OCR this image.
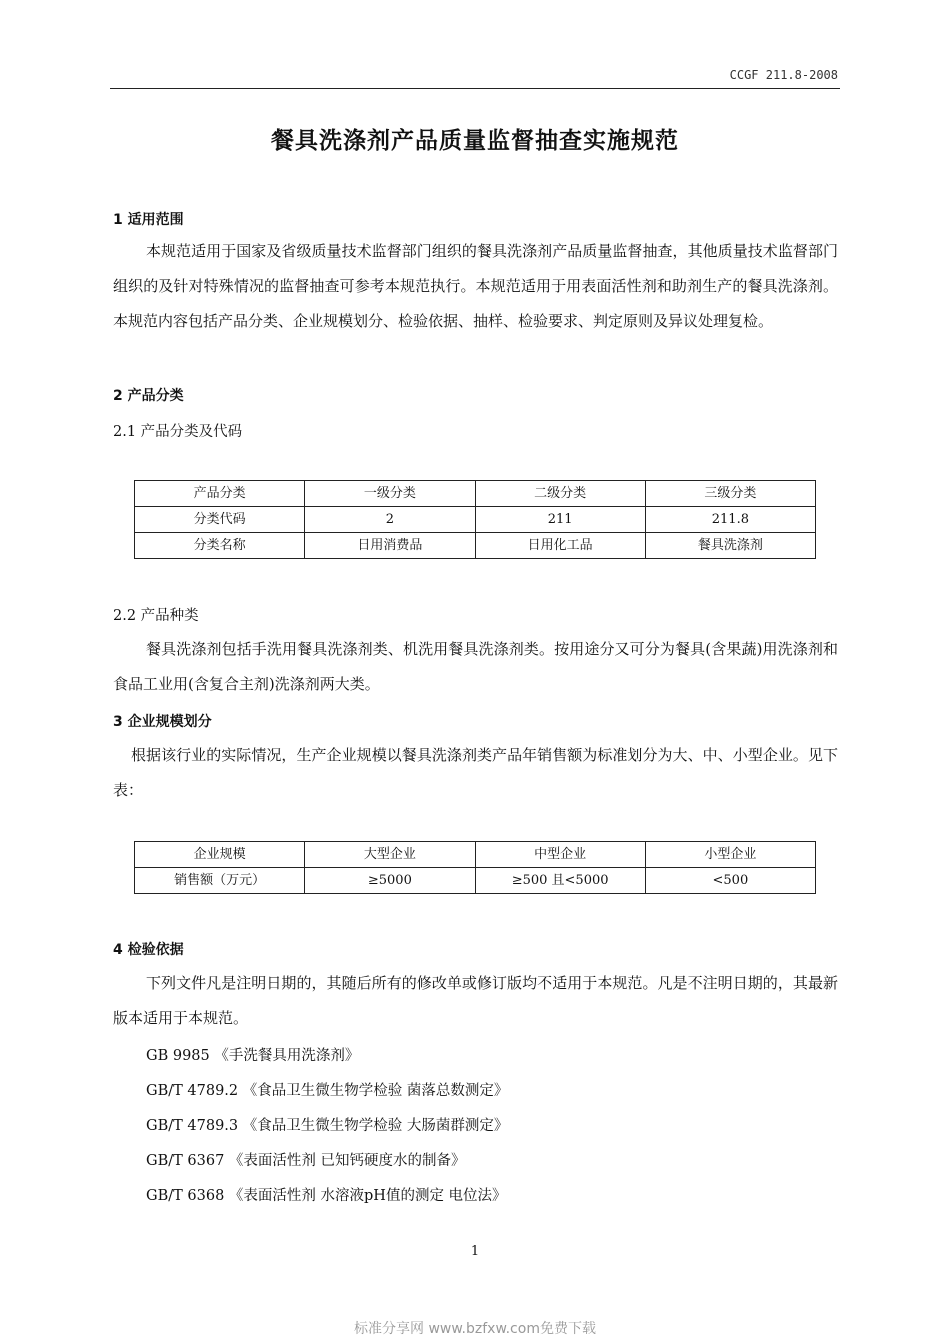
CCGF 211.8-2008
餐具洗涤剂产品质量监督抽查实施规范
1 适用范围
本规范适用于国家及省级质量技术监督部门组织的餐具洗涤剂产品质量监督抽查，其他质量技术监督部门组织的及针对特殊情况的监督抽查可参考本规范执行。本规范适用于用表面活性剂和助剂生产的餐具洗涤剂。本规范内容包括产品分类、企业规模划分、检验依据、抽样、检验要求、判定原则及异议处理复检。
2 产品分类
2.1 产品分类及代码
产品分类	一级分类	二级分类	三级分类
分类代码	2	211	211.8
分类名称	日用消费品	日用化工品	餐具洗涤剂
2.2 产品种类
餐具洗涤剂包括手洗用餐具洗涤剂类、机洗用餐具洗涤剂类。按用途分又可分为餐具(含果蔬)用洗涤剂和食品工业用(含复合主剂)洗涤剂两大类。
3 企业规模划分
根据该行业的实际情况，生产企业规模以餐具洗涤剂类产品年销售额为标准划分为大、中、小型企业。见下表：
企业规模	大型企业	中型企业	小型企业
销售额（万元）	≥5000	≥500 且<5000	<500
4 检验依据
下列文件凡是注明日期的，其随后所有的修改单或修订版均不适用于本规范。凡是不注明日期的，其最新版本适用于本规范。
GB 9985 《手洗餐具用洗涤剂》
GB/T 4789.2 《食品卫生微生物学检验 菌落总数测定》
GB/T 4789.3 《食品卫生微生物学检验 大肠菌群测定》
GB/T 6367 《表面活性剂 已知钙硬度水的制备》
GB/T 6368 《表面活性剂 水溶液pH值的测定 电位法》
1
标准分享网 www.bzfxw.com免费下载
